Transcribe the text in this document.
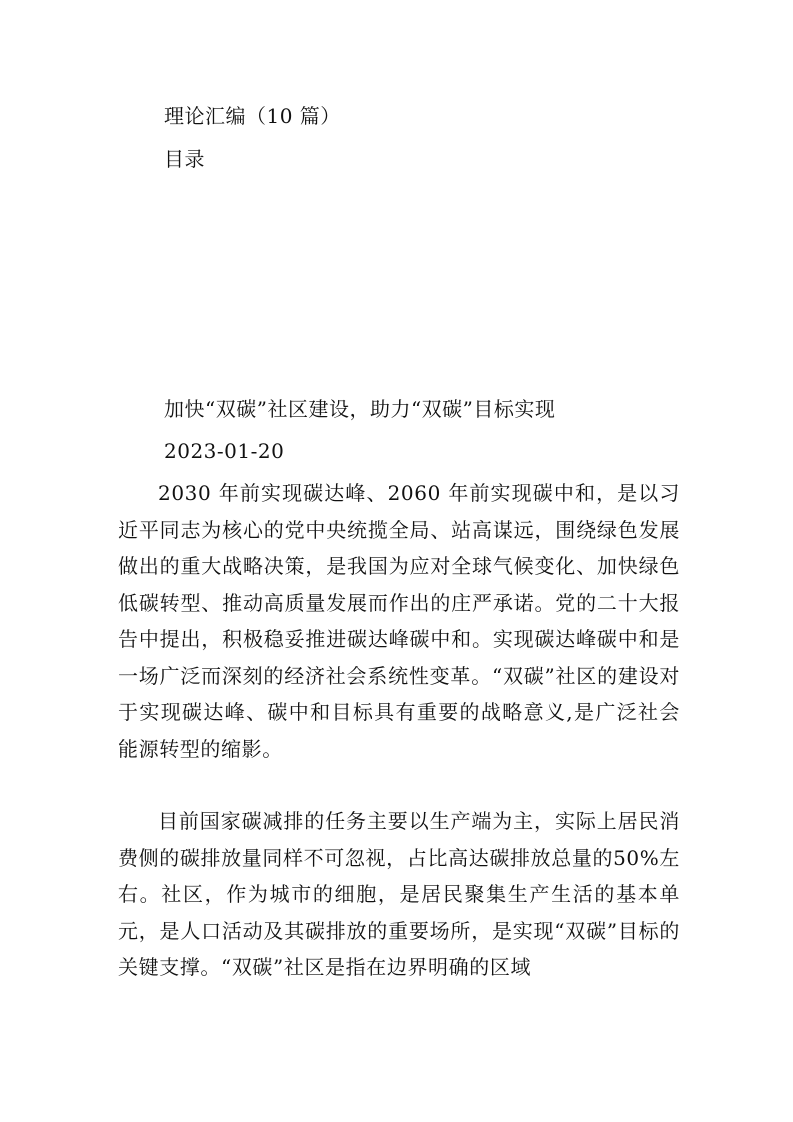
理论汇编（10 篇）
目录
加快“双碳”社区建设，助力“双碳”目标实现
2023-01-20
2030 年前实现碳达峰、2060 年前实现碳中和，是以习近平同志为核心的党中央统揽全局、站高谋远，围绕绿色发展做出的重大战略决策，是我国为应对全球气候变化、加快绿色低碳转型、推动高质量发展而作出的庄严承诺。党的二十大报告中提出，积极稳妥推进碳达峰碳中和。实现碳达峰碳中和是一场广泛而深刻的经济社会系统性变革。“双碳”社区的建设对于实现碳达峰、碳中和目标具有重要的战略意义,是广泛社会能源转型的缩影。
目前国家碳减排的任务主要以生产端为主，实际上居民消费侧的碳排放量同样不可忽视，占比高达碳排放总量的50%左右。社区，作为城市的细胞，是居民聚集生产生活的基本单元，是人口活动及其碳排放的重要场所，是实现“双碳”目标的关键支撑。“双碳”社区是指在边界明确的区域
